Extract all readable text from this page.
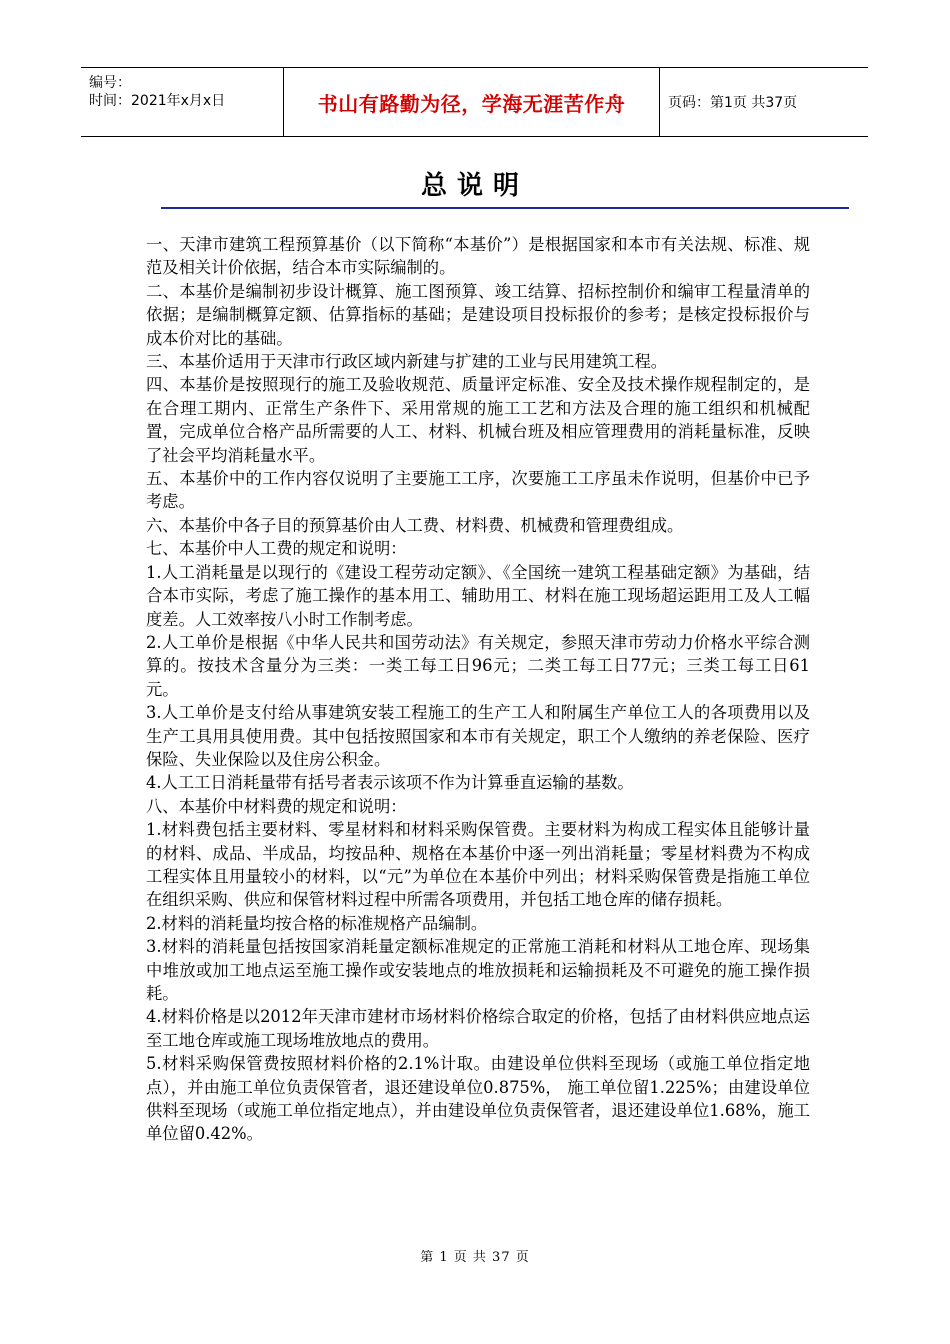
编号：
时间：2021年x月x日	书山有路勤为径，学海无涯苦作舟	页码：第1页 共37页
总说明

一、天津市建筑工程预算基价（以下简称“本基价”）是根据国家和本市有关法规、标准、规范及相关计价依据，结合本市实际编制的。

二、本基价是编制初步设计概算、施工图预算、竣工结算、招标控制价和编审工程量清单的依据；是编制概算定额、估算指标的基础；是建设项目投标报价的参考；是核定投标报价与成本价对比的基础。

三、本基价适用于天津市行政区域内新建与扩建的工业与民用建筑工程。

四、本基价是按照现行的施工及验收规范、质量评定标准、安全及技术操作规程制定的，是在合理工期内、正常生产条件下、采用常规的施工工艺和方法及合理的施工组织和机械配置，完成单位合格产品所需要的人工、材料、机械台班及相应管理费用的消耗量标准，反映了社会平均消耗量水平。

五、本基价中的工作内容仅说明了主要施工工序，次要施工工序虽未作说明，但基价中已予考虑。

六、本基价中各子目的预算基价由人工费、材料费、机械费和管理费组成。

七、本基价中人工费的规定和说明：

1.人工消耗量是以现行的《建设工程劳动定额》、《全国统一建筑工程基础定额》为基础，结合本市实际，考虑了施工操作的基本用工、辅助用工、材料在施工现场超运距用工及人工幅度差。人工效率按八小时工作制考虑。

2.人工单价是根据《中华人民共和国劳动法》有关规定，参照天津市劳动力价格水平综合测算的。按技术含量分为三类：一类工每工日96元；二类工每工日77元；三类工每工日61元。

3.人工单价是支付给从事建筑安装工程施工的生产工人和附属生产单位工人的各项费用以及生产工具用具使用费。其中包括按照国家和本市有关规定，职工个人缴纳的养老保险、医疗保险、失业保险以及住房公积金。

4.人工工日消耗量带有括号者表示该项不作为计算垂直运输的基数。

八、本基价中材料费的规定和说明：

1.材料费包括主要材料、零星材料和材料采购保管费。主要材料为构成工程实体且能够计量的材料、成品、半成品，均按品种、规格在本基价中逐一列出消耗量；零星材料费为不构成工程实体且用量较小的材料，以“元”为单位在本基价中列出；材料采购保管费是指施工单位在组织采购、供应和保管材料过程中所需各项费用，并包括工地仓库的储存损耗。

2.材料的消耗量均按合格的标准规格产品编制。

3.材料的消耗量包括按国家消耗量定额标准规定的正常施工消耗和材料从工地仓库、现场集中堆放或加工地点运至施工操作或安装地点的堆放损耗和运输损耗及不可避免的施工操作损耗。

4.材料价格是以2012年天津市建材市场材料价格综合取定的价格，包括了由材料供应地点运至工地仓库或施工现场堆放地点的费用。

5.材料采购保管费按照材料价格的2.1%计取。由建设单位供料至现场（或施工单位指定地点），并由施工单位负责保管者，退还建设单位0.875%， 施工单位留1.225%；由建设单位供料至现场（或施工单位指定地点），并由建设单位负责保管者，退还建设单位1.68%，施工单位留0.42%。

第 1 页 共 37 页
